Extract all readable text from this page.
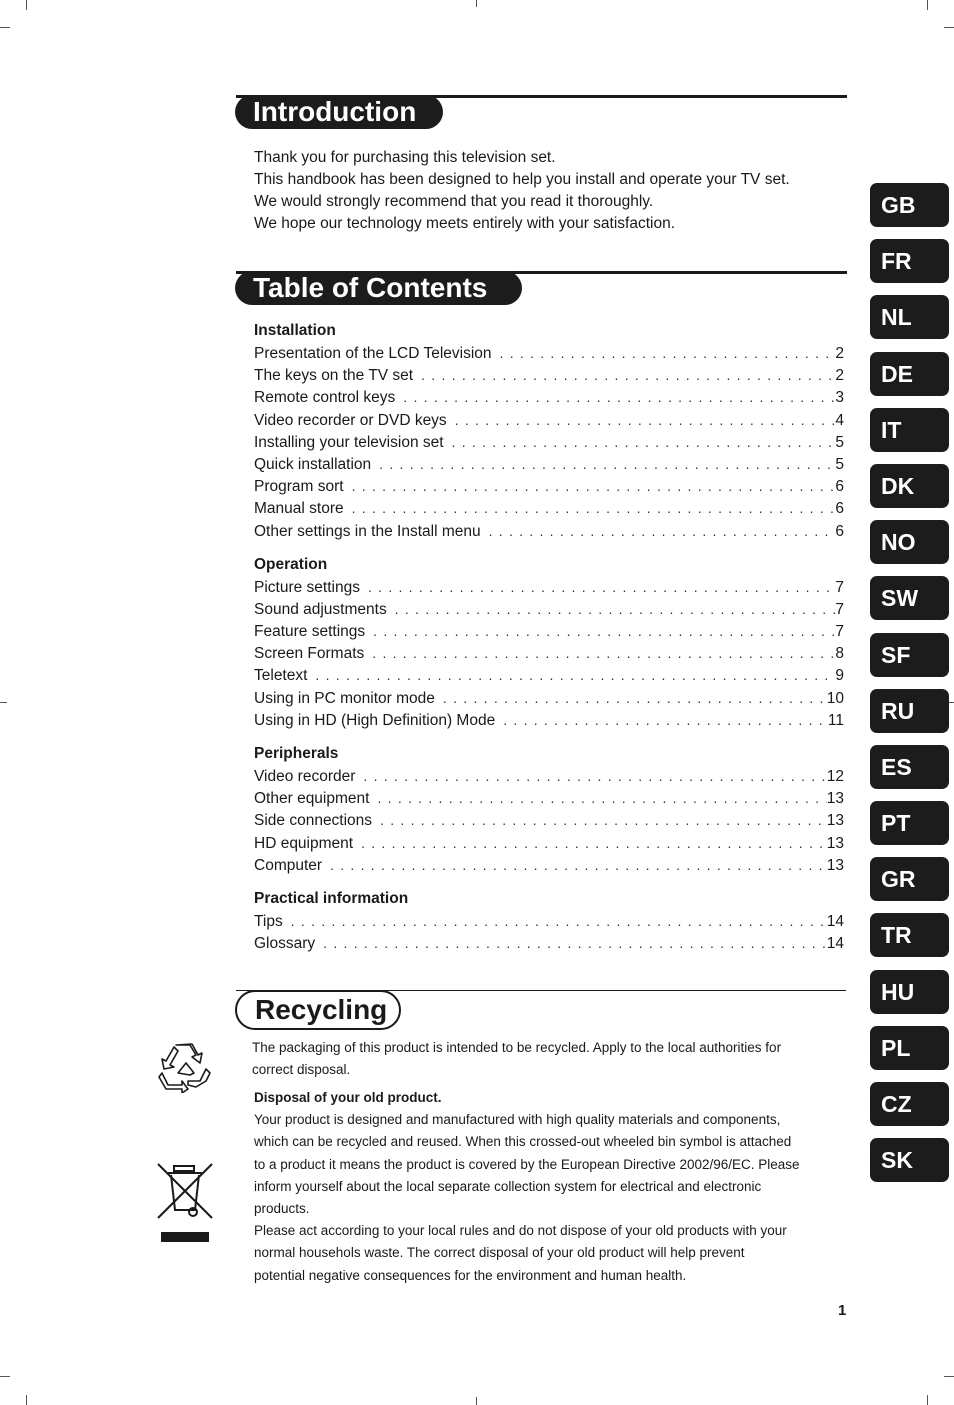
Introduction
Thank you for purchasing this television set.
This handbook has been designed to help you install and operate your TV set.
We would strongly recommend that you read it thoroughly.
We hope our technology meets entirely with your satisfaction.
Table of Contents
Installation
Presentation of the LCD Television . . .	2
The keys on the TV set . . .	2
Remote control keys . . .	3
Video recorder or DVD keys . . .	4
Installing your television set . . .	5
Quick installation . . .	5
Program sort . . .	6
Manual store . . .	6
Other settings in the Install menu . . .	6
Operation
Picture settings . . .	7
Sound adjustments . . .	7
Feature settings . . .	7
Screen Formats . . .	8
Teletext . . .	9
Using in PC monitor mode . . .	10
Using in HD (High Definition) Mode . . .	11
Peripherals
Video recorder . . .	12
Other equipment . . .	13
Side connections . . .	13
HD equipment . . .	13
Computer . . .	13
Practical information
Tips . . .	14
Glossary . . .	14
Recycling
The packaging of this product is intended to be recycled. Apply to the local authorities for
correct disposal.
Disposal of your old product.
Your product is designed and manufactured with high quality materials and components,
which can be recycled and reused. When this crossed-out wheeled bin symbol is attached
to a product it means the product is covered by the European Directive 2002/96/EC. Please
inform yourself about the local separate collection system for electrical and electronic
products.
Please act according to your local rules and do not dispose of your old products with your
normal househols waste. The correct disposal of your old product will help prevent
potential negative consequences for the environment and human health.
1
GB
FR
NL
DE
IT
DK
NO
SW
SF
RU
ES
PT
GR
TR
HU
PL
CZ
SK
